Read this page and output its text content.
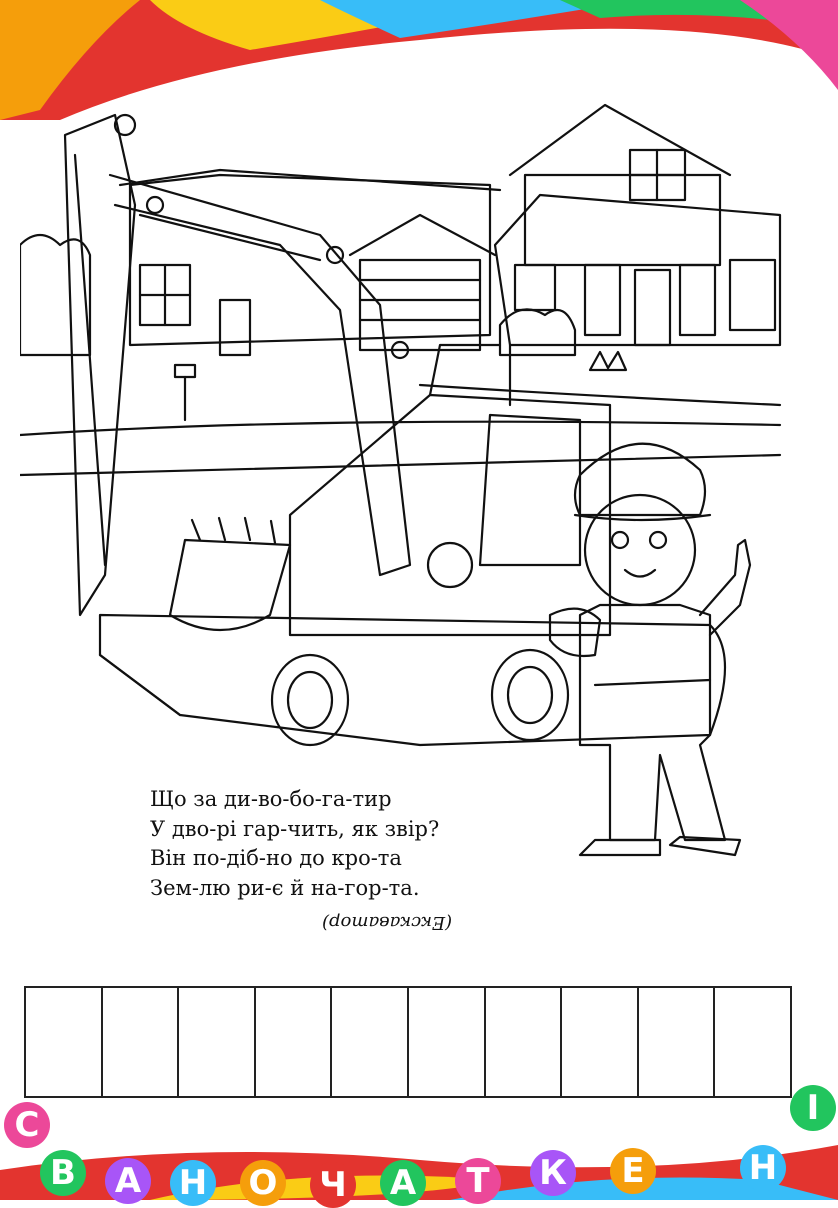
Що за ди-во-бо-га-тир
У дво-рі гар-чить, як звір?
Він по-діб-но до кро-та
Зем-лю ри-є й на-гор-та.
(Екскаватор)
С
В А Н О Ч А	Т	К	Е	Н
І
